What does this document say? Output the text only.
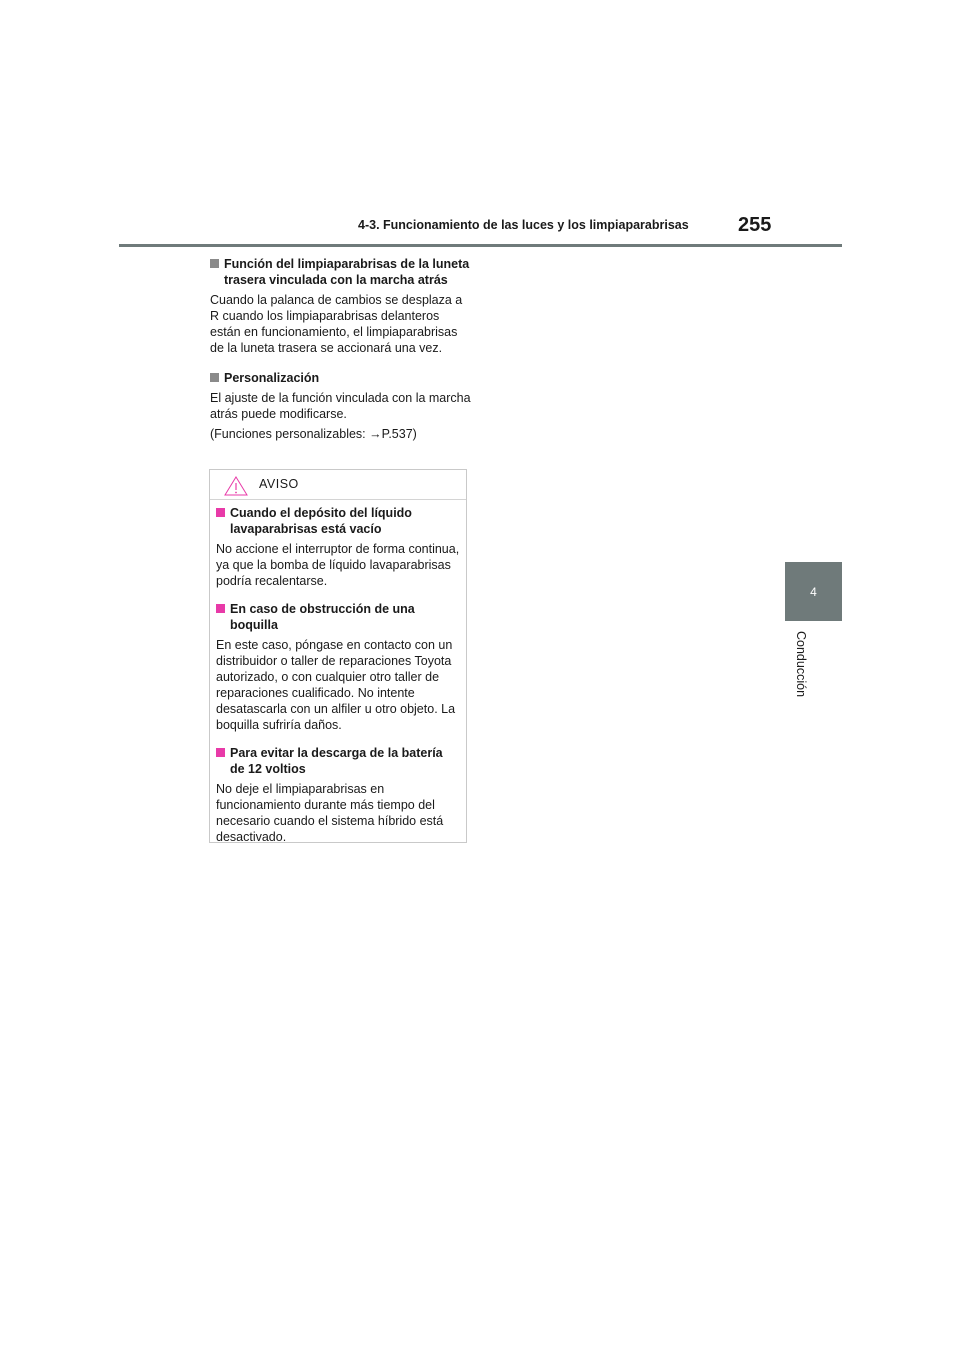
4-3. Funcionamiento de las luces y los limpiaparabrisas 255
4
Conducción
Función del limpiaparabrisas de la luneta trasera vinculada con la marcha atrás
Cuando la palanca de cambios se desplaza a R cuando los limpiaparabrisas delanteros están en funcionamiento, el limpiaparabrisas de la luneta trasera se accionará una vez.
Personalización
El ajuste de la función vinculada con la marcha atrás puede modificarse.
(Funciones personalizables: →P.537)
AVISO
Cuando el depósito del líquido lavaparabrisas está vacío
No accione el interruptor de forma continua, ya que la bomba de líquido lavaparabrisas podría recalentarse.
En caso de obstrucción de una boquilla
En este caso, póngase en contacto con un distribuidor o taller de reparaciones Toyota autorizado, o con cualquier otro taller de reparaciones cualificado. No intente desatascarla con un alfiler u otro objeto. La boquilla sufriría daños.
Para evitar la descarga de la batería de 12 voltios
No deje el limpiaparabrisas en funcionamiento durante más tiempo del necesario cuando el sistema híbrido está desactivado.
